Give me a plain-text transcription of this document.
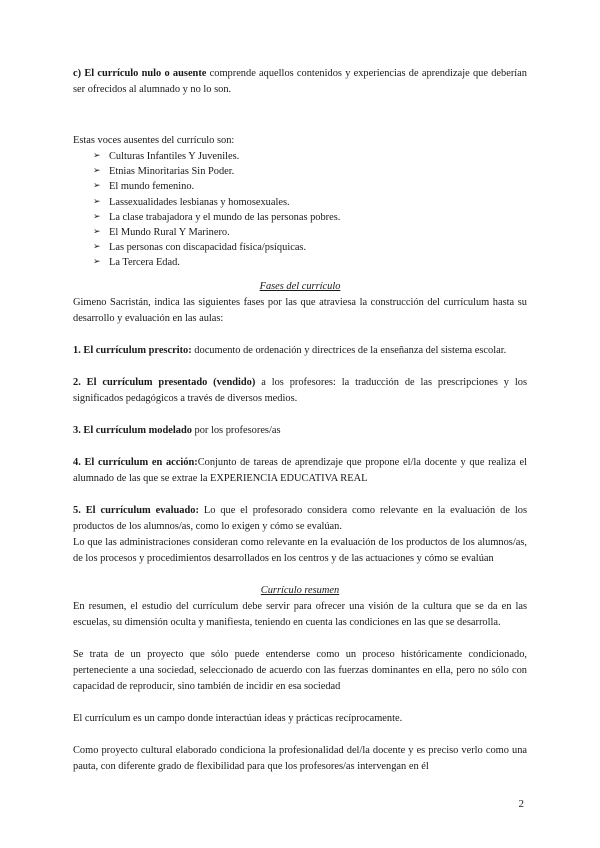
c) El currículo nulo o ausente comprende aquellos contenidos y experiencias de aprendizaje que deberían ser ofrecidos al alumnado y no lo son.

Estas voces ausentes del currículo son:

➢ Culturas Infantiles Y Juveniles.
➢ Etnias Minoritarias Sin Poder.
➢ El mundo femenino.
➢ Lassexualidades lesbianas y homosexuales.
➢ La clase trabajadora y el mundo de las personas pobres.
➢ El Mundo Rural Y Marinero.
➢ Las personas con discapacidad física/psíquicas.
➢ La Tercera Edad.

Fases del currículo

Gimeno Sacristán, indica las siguientes fases por las que atraviesa la construcción del currículum hasta su desarrollo y evaluación en las aulas:

1. El currículum prescrito: documento de ordenación y directrices de la enseñanza del sistema escolar.

2. El currículum presentado (vendido) a los profesores: la traducción de las prescripciones y los significados pedagógicos a través de diversos medios.

3. El currículum modelado por los profesores/as

4. El currículum en acción:Conjunto de tareas de aprendizaje que propone el/la docente y que realiza el alumnado de las que se extrae la EXPERIENCIA EDUCATIVA REAL

5. El currículum evaluado: Lo que el profesorado considera como relevante en la evaluación de los productos de los alumnos/as, como lo exigen y cómo se evalúan.

Lo que las administraciones consideran como relevante en la evaluación de los productos de los alumnos/as, de los procesos y procedimientos desarrollados en los centros y de las actuaciones y cómo se evalúan

Currículo resumen

En resumen, el estudio del currículum debe servir para ofrecer una visión de la cultura que se da en las escuelas, su dimensión oculta y manifiesta, teniendo en cuenta las condiciones en las que se desarrolla.

Se trata de un proyecto que sólo puede entenderse como un proceso históricamente condicionado, perteneciente a una sociedad, seleccionado de acuerdo con las fuerzas dominantes en ella, pero no sólo con capacidad de reproducir, sino también de incidir en esa sociedad

El currículum es un campo donde interactúan ideas y prácticas recíprocamente.

Como proyecto cultural elaborado condiciona la profesionalidad del/la docente y es preciso verlo como una pauta, con diferente grado de flexibilidad para que los profesores/as intervengan en él

2
